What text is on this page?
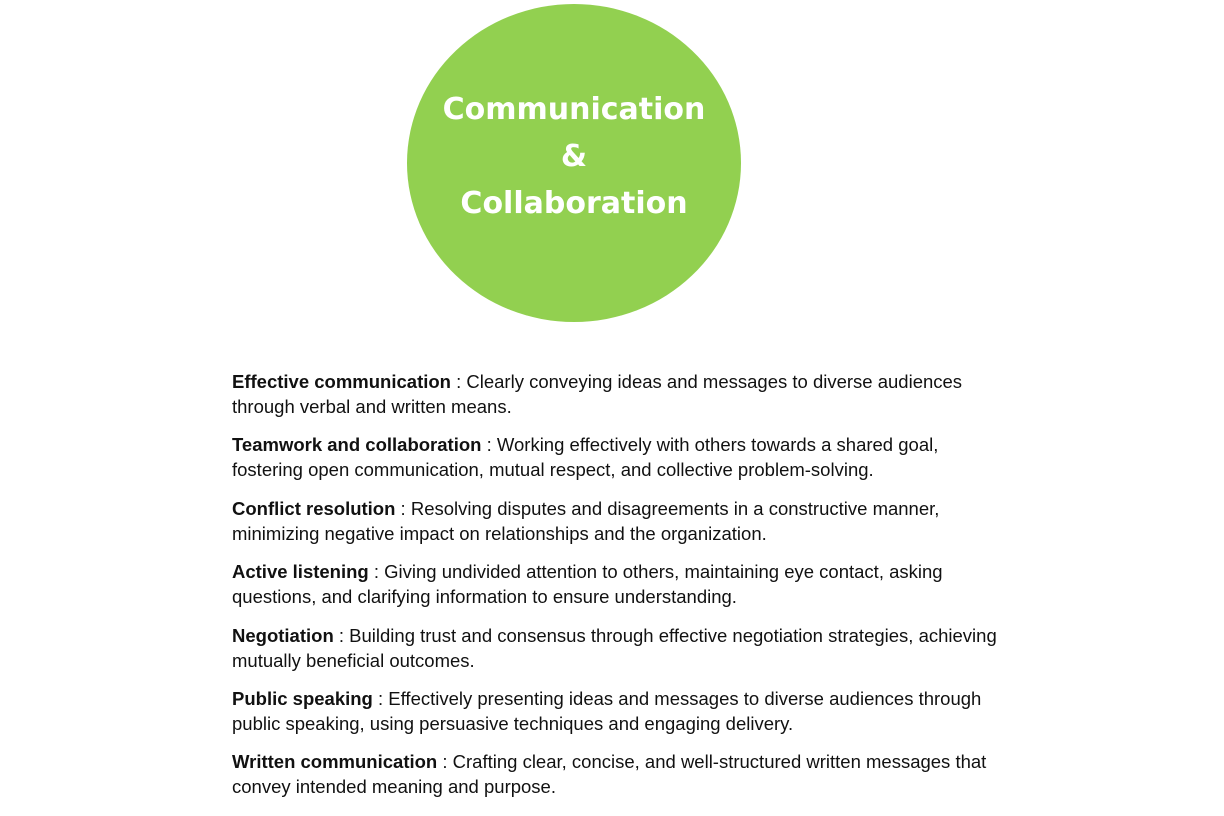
Communication
&
Collaboration
Effective communication : Clearly conveying ideas and messages to diverse audiences through verbal and written means.
Teamwork and collaboration : Working effectively with others towards a shared goal, fostering open communication, mutual respect, and collective problem-solving.
Conflict resolution : Resolving disputes and disagreements in a constructive manner, minimizing negative impact on relationships and the organization.
Active listening : Giving undivided attention to others, maintaining eye contact, asking questions, and clarifying information to ensure understanding.
Negotiation : Building trust and consensus through effective negotiation strategies, achieving mutually beneficial outcomes.
Public speaking : Effectively presenting ideas and messages to diverse audiences through public speaking, using persuasive techniques and engaging delivery.
Written communication : Crafting clear, concise, and well-structured written messages that convey intended meaning and purpose.
